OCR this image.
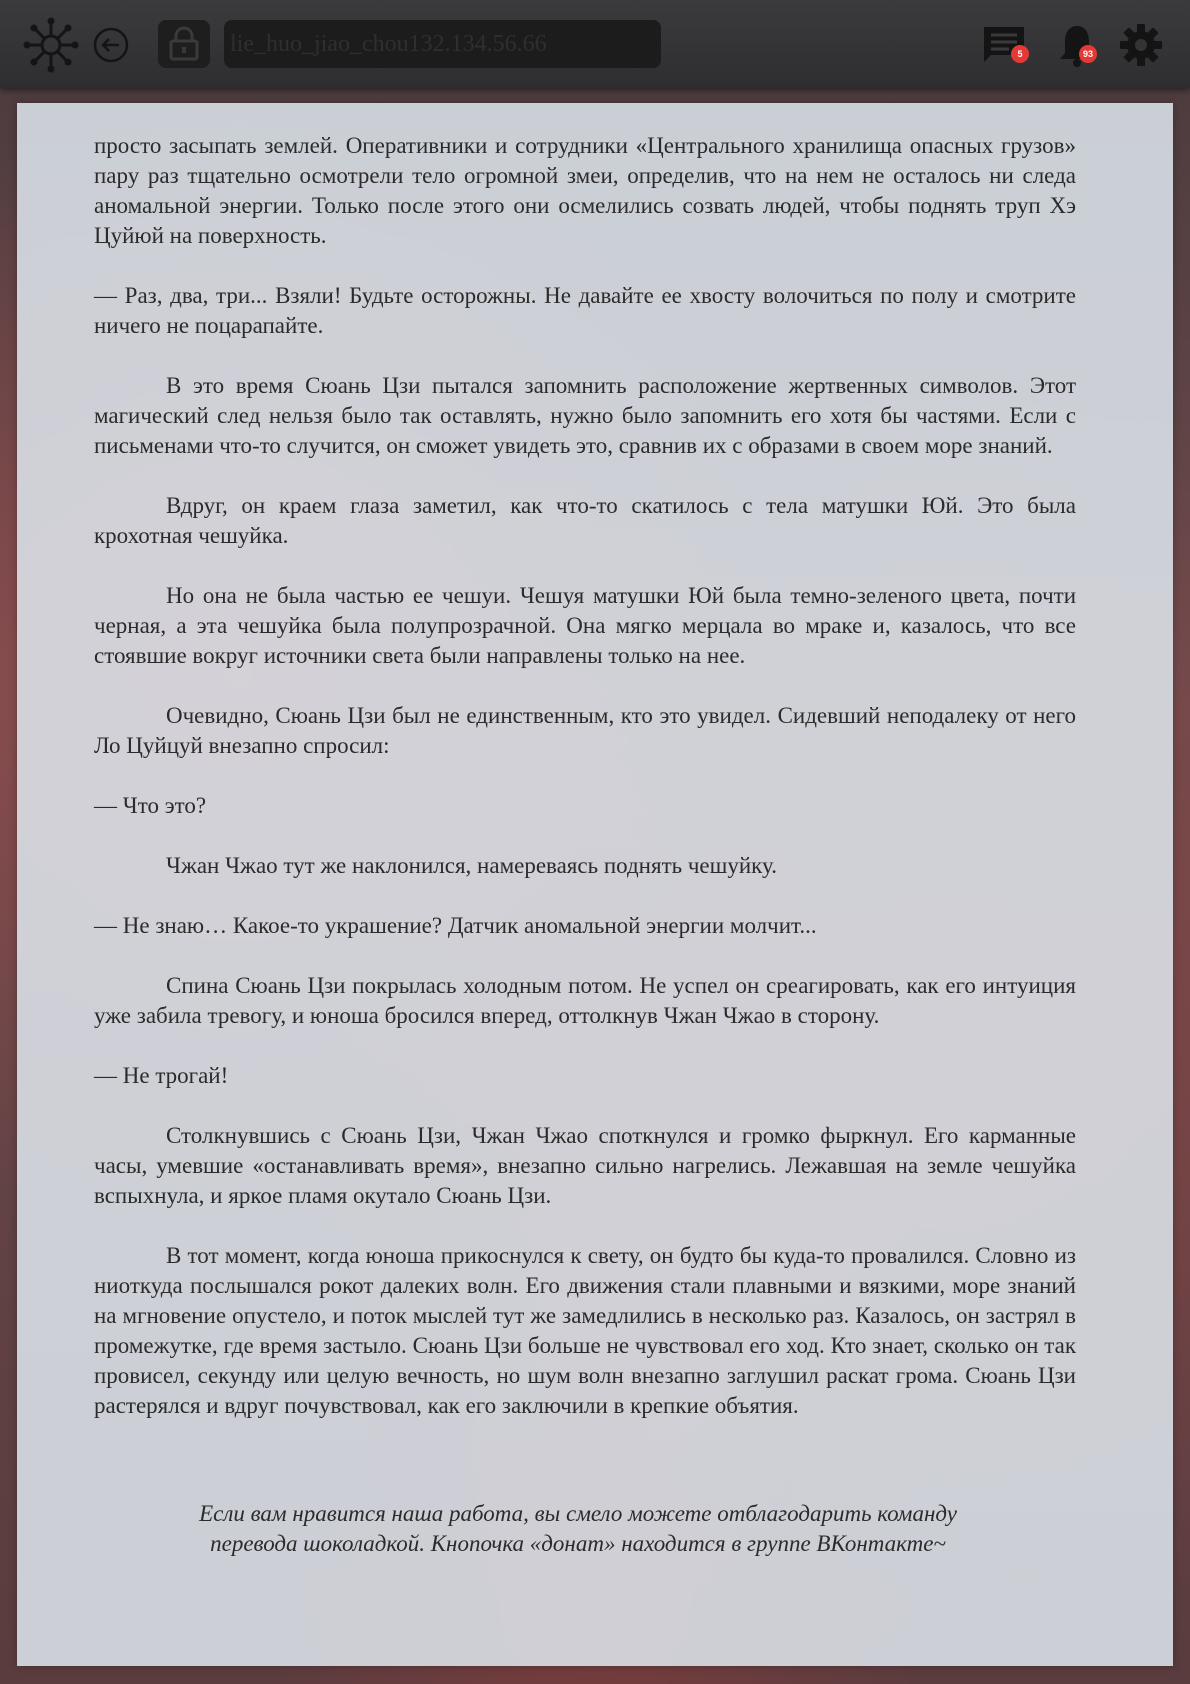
lie_huo_jiao_chou132.134.56.66
5	93

просто засыпать землей. Оперативники и сотрудники «Центрального хранилища опасных грузов» пару раз тщательно осмотрели тело огромной змеи, определив, что на нем не осталось ни следа аномальной энергии. Только после этого они осмелились созвать людей, чтобы поднять труп Хэ Цуйюй на поверхность.

— Раз, два, три... Взяли! Будьте осторожны. Не давайте ее хвосту волочиться по полу и смотрите ничего не поцарапайте.

В это время Сюань Цзи пытался запомнить расположение жертвенных символов. Этот магический след нельзя было так оставлять, нужно было запомнить его хотя бы частями. Если с письменами что-то случится, он сможет увидеть это, сравнив их с образами в своем море знаний.

Вдруг, он краем глаза заметил, как что-то скатилось с тела матушки Юй. Это была крохотная чешуйка.

Но она не была частью ее чешуи. Чешуя матушки Юй была темно-зеленого цвета, почти черная, а эта чешуйка была полупрозрачной. Она мягко мерцала во мраке и, казалось, что все стоявшие вокруг источники света были направлены только на нее.

Очевидно, Сюань Цзи был не единственным, кто это увидел. Сидевший неподалеку от него Ло Цуйцуй внезапно спросил:

— Что это?

Чжан Чжао тут же наклонился, намереваясь поднять чешуйку.

— Не знаю… Какое-то украшение? Датчик аномальной энергии молчит...

Спина Сюань Цзи покрылась холодным потом. Не успел он среагировать, как его интуиция уже забила тревогу, и юноша бросился вперед, оттолкнув Чжан Чжао в сторону.

— Не трогай!

Столкнувшись с Сюань Цзи, Чжан Чжао споткнулся и громко фыркнул. Его карманные часы, умевшие «останавливать время», внезапно сильно нагрелись. Лежавшая на земле чешуйка вспыхнула, и яркое пламя окутало Сюань Цзи.

В тот момент, когда юноша прикоснулся к свету, он будто бы куда-то провалился. Словно из ниоткуда послышался рокот далеких волн. Его движения стали плавными и вязкими, море знаний на мгновение опустело, и поток мыслей тут же замедлились в несколько раз. Казалось, он застрял в промежутке, где время застыло. Сюань Цзи больше не чувствовал его ход. Кто знает, сколько он так провисел, секунду или целую вечность, но шум волн внезапно заглушил раскат грома. Сюань Цзи растерялся и вдруг почувствовал, как его заключили в крепкие объятия.

Если вам нравится наша работа, вы смело можете отблагодарить команду
перевода шоколадкой. Кнопочка «донат» находится в группе ВКонтакте~
